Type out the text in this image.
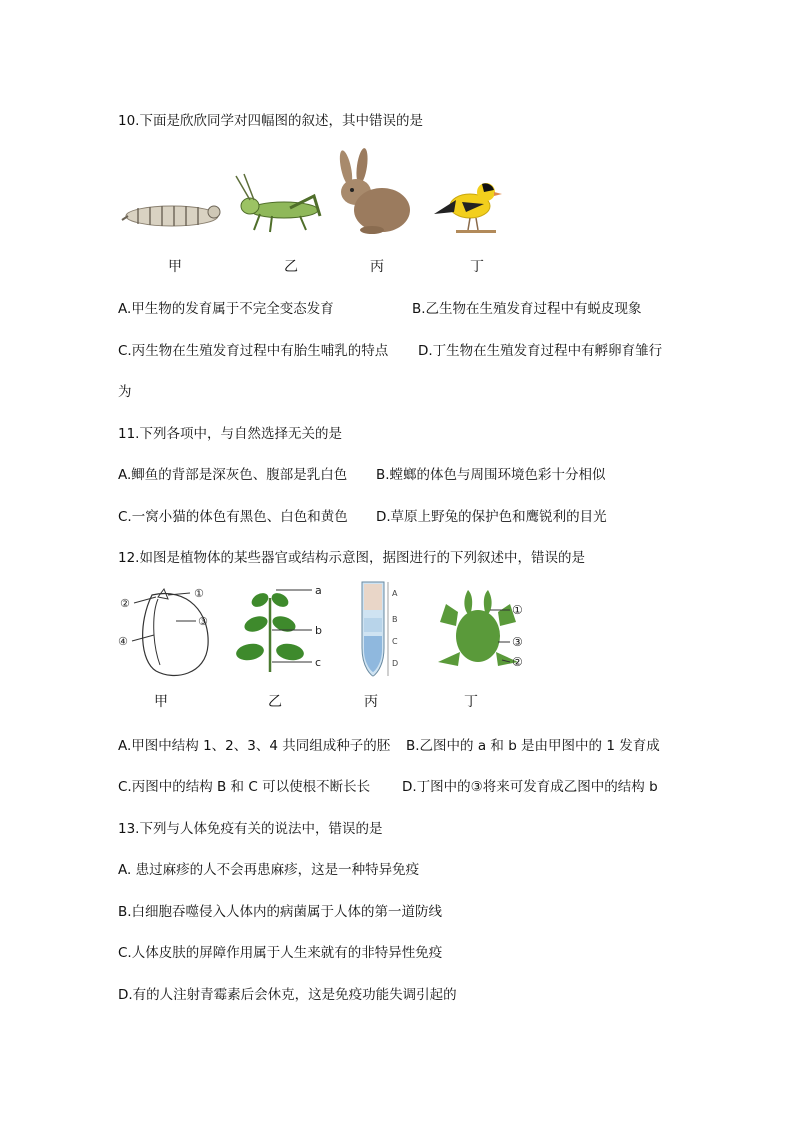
10.下面是欣欣同学对四幅图的叙述，其中错误的是
甲	乙	丙	丁
A.甲生物的发育属于不完全变态发育	B.乙生物在生殖发育过程中有蜕皮现象
C.丙生物在生殖发育过程中有胎生哺乳的特点 D.丁生物在生殖发育过程中有孵卵育雏行
为
11.下列各项中，与自然选择无关的是
A.鲫鱼的背部是深灰色、腹部是乳白色 B.螳螂的体色与周围环境色彩十分相似
C.一窝小猫的体色有黑色、白色和黄色 D.草原上野兔的保护色和鹰锐利的目光
12.如图是植物体的某些器官或结构示意图，据图进行的下列叙述中，错误的是
②
①
④
③
a
b
c
A
B
C
D
①
③
②
甲	乙	丙	丁
A.甲图中结构 1、2、3、4 共同组成种子的胚 B.乙图中的 a 和 b 是由甲图中的 1 发育成
C.丙图中的结构 B 和 C 可以使根不断长长 D.丁图中的③将来可发育成乙图中的结构 b
13.下列与人体免疫有关的说法中，错误的是
A. 患过麻疹的人不会再患麻疹，这是一种特异免疫
B.白细胞吞噬侵入人体内的病菌属于人体的第一道防线
C.人体皮肤的屏障作用属于人生来就有的非特异性免疫
D.有的人注射青霉素后会休克，这是免疫功能失调引起的
